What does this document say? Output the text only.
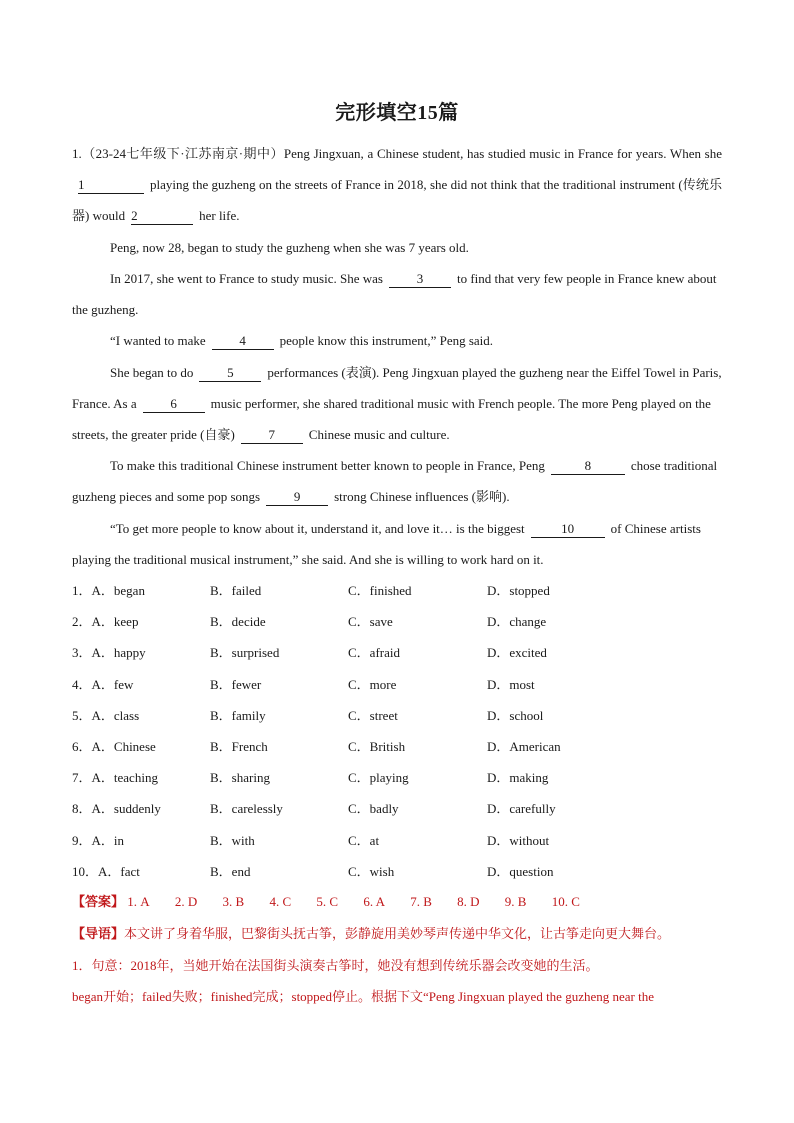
完形填空15篇
1.（23-24七年级下·江苏南京·期中）Peng Jingxuan, a Chinese student, has studied music in France for years. When she1	playing the guzheng on the streets of France in 2018, she did not think that the traditional instrument (传统乐器) would 2	her life.
Peng, now 28, began to study the guzheng when she was 7 years old.
In 2017, she went to France to study music. She was	3	to find that very few people in France knew about the guzheng.
“I wanted to make	4	people know this instrument,” Peng said.
She began to do	5	performances (表演). Peng Jingxuan played the guzheng near the Eiffel Towel in Paris, France. As a	6	music performer, she shared traditional music with French people. The more Peng played on the streets, the greater pride (自豪)	7	Chinese music and culture.
To make this traditional Chinese instrument better known to people in France, Peng	8	chose traditional guzheng pieces and some pop songs	9	strong Chinese influences (影响).
“To get more people to know about it, understand it, and love it… is the biggest	10	of Chinese artists playing the traditional musical instrument,” she said. And she is willing to work hard on it.
1．A．began	B．failed	C．finished	D．stopped
2．A．keep	B．decide	C．save	D．change
3．A．happy	B．surprised	C．afraid	D．excited
4．A．few	B．fewer	C．more	D．most
5．A．class	B．family	C．street	D．school
6．A．Chinese	B．French	C．British	D．American
7．A．teaching	B．sharing	C．playing	D．making
8．A．suddenly	B．carelessly	C．badly	D．carefully
9．A．in	B．with	C．at	D．without
10．A．fact	B．end	C．wish	D．question
【答案】 1. A 2. D 3. B 4. C 5. C 6. A 7. B 8. D 9. B 10. C
【导语】本文讲了身着华服，巴黎街头抚古筝，彭静旋用美妙琴声传递中华文化，让古筝走向更大舞台。
1．句意：2018年，当她开始在法国街头演奏古筝时，她没有想到传统乐器会改变她的生活。
began开始；failed失败；finished完成；stopped停止。根据下文“Peng Jingxuan played the guzheng near the
